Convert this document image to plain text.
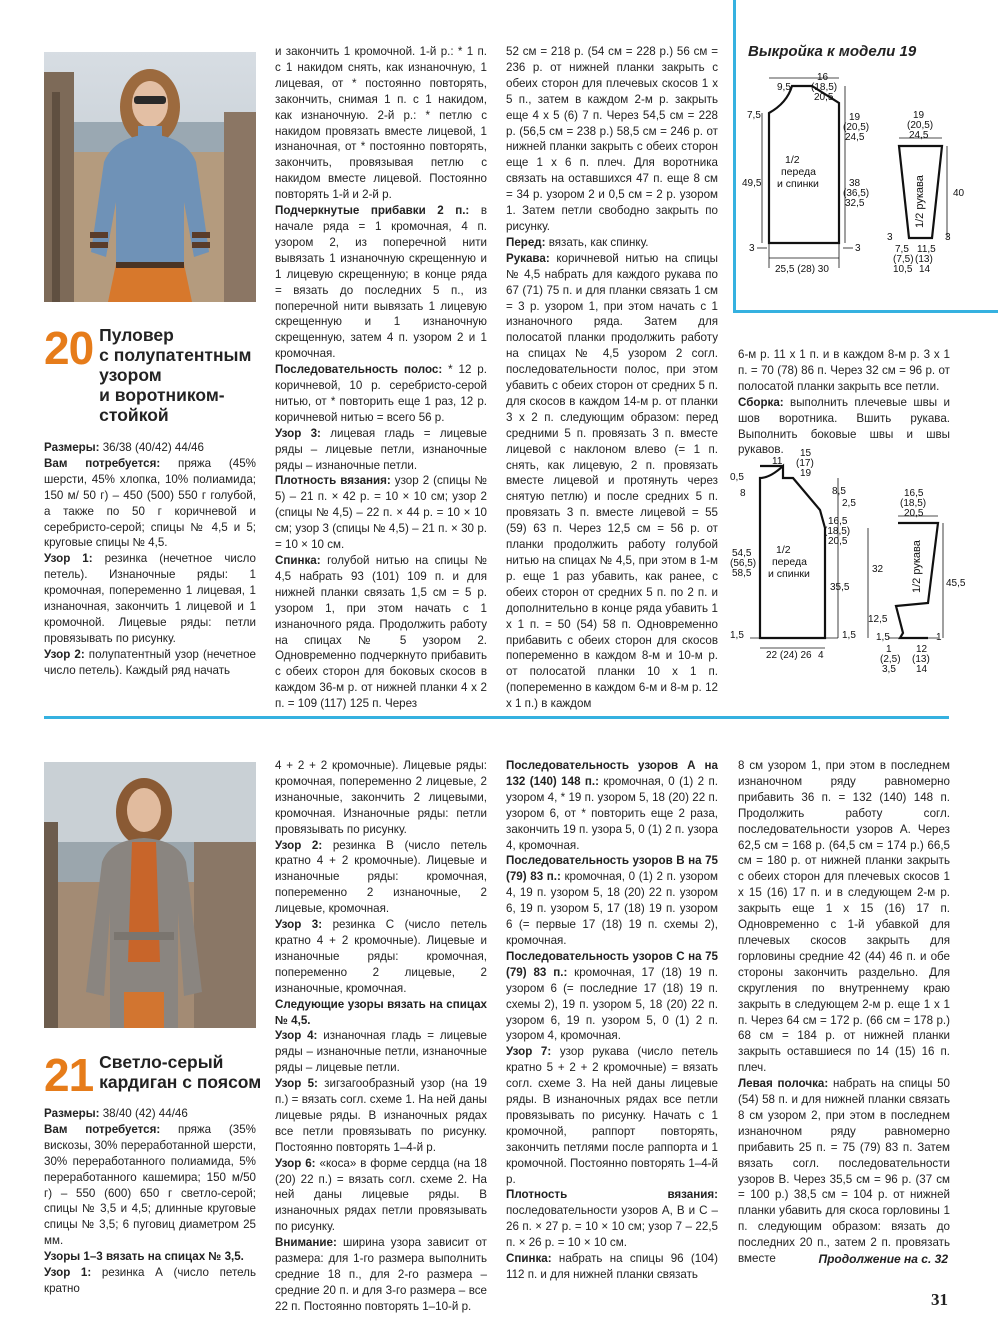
20 Пуловер
с полупатентным
узором
и воротником-
стойкой

Размеры: 36/38 (40/42) 44/46

Вам потребуется: пряжа (45% шерсти, 45% хлопка, 10% полиамида; 150 м/ 50 г) – 450 (500) 550 г голубой, а также по 50 г коричневой и серебристо-серой; спицы № 4,5 и 5; круговые спицы № 4,5.

Узор 1: резинка (нечетное число петель). Изнаночные ряды: 1 кромочная, попеременно 1 лицевая, 1 изнаночная, закончить 1 лицевой и 1 кромочной. Лицевые ряды: петли провязывать по рисунку.

Узор 2: полупатентный узор (нечетное число петель). Каждый ряд начать

и закончить 1 кромочной. 1-й р.: * 1 п. с 1 накидом снять, как изнаночную, 1 лицевая, от * постоянно повторять, закончить, снимая 1 п. с 1 накидом, как изнаночную. 2-й р.: * петлю с накидом провязать вместе лицевой, 1 изнаночная, от * постоянно повторять, закончить, провязывая петлю с накидом вместе лицевой. Постоянно повторять 1-й и 2-й р.

Подчеркнутые прибавки 2 п.: в начале ряда = 1 кромочная, 4 п. узором 2, из поперечной нити вывязать 1 изнаночную скрещенную и 1 лицевую скрещенную; в конце ряда = вязать до последних 5 п., из поперечной нити вывязать 1 лицевую скрещенную и 1 изнаночную скрещенную, затем 4 п. узором 2 и 1 кромочная.

Последовательность полос: * 12 р. коричневой, 10 р. серебристо-серой нитью, от * повторить еще 1 раз, 12 р. коричневой нитью = всего 56 р.

Узор 3: лицевая гладь = лицевые ряды – лицевые петли, изнаночные ряды – изнаночные петли.

Плотность вязания: узор 2 (спицы № 5) – 21 п. × 42 р. = 10 × 10 см; узор 2 (спицы № 4,5) – 22 п. × 44 р. = 10 × 10 см; узор 3 (спицы № 4,5) – 21 п. × 30 р. = 10 × 10 см.

Спинка: голубой нитью на спицы № 4,5 набрать 93 (101) 109 п. и для нижней планки связать 1,5 см = 5 р. узором 1, при этом начать с 1 изнаночного ряда. Продолжить работу на спицах № 5 узором 2. Одновременно подчеркнуто прибавить с обеих сторон для боковых скосов в каждом 36-м р. от нижней планки 4 х 2 п. = 109 (117) 125 п. Через

52 см = 218 р. (54 см = 228 р.) 56 см = 236 р. от нижней планки закрыть с обеих сторон для плечевых скосов 1 х 5 п., затем в каждом 2-м р. закрыть еще 4 х 5 (6) 7 п. Через 54,5 см = 228 р. (56,5 см = 238 р.) 58,5 см = 246 р. от нижней планки закрыть с обеих сторон еще 1 х 6 п. плеч. Для воротника связать на оставшихся 47 п. еще 8 см = 34 р. узором 2 и 0,5 см = 2 р. узором 1. Затем петли свободно закрыть по рисунку.

Перед: вязать, как спинку.

Рукава: коричневой нитью на спицы № 4,5 набрать для каждого рукава по 67 (71) 75 п. и для планки связать 1 см = 3 р. узором 1, при этом начать с 1 изнаночного ряда. Затем для полосатой планки продолжить работу на спицах № 4,5 узором 2 согл. последовательности полос, при этом убавить с обеих сторон от средних 5 п. для скосов в каждом 14-м р. от планки 3 х 2 п. следующим образом: перед средними 5 п. провязать 3 п. вместе лицевой с наклоном влево (= 1 п. снять, как лицевую, 2 п. провязать вместе лицевой и протянуть через снятую петлю) и после средних 5 п. провязать 3 п. вместе лицевой = 55 (59) 63 п. Через 12,5 см = 56 р. от планки продолжить работу голубой нитью на спицах № 4,5, при этом в 1-м р. еще 1 раз убавить, как ранее, с обеих сторон от средних 5 п. по 2 п. и дополнительно в конце ряда убавить 1 х 1 п. = 50 (54) 58 п. Одновременно прибавить с обеих сторон для скосов попеременно в каждом 8-м и 10-м р. от полосатой планки 10 х 1 п. (попеременно в каждом 6-м и 8-м р. 12 х 1 п.) в каждом

6-м р. 11 х 1 п. и в каждом 8-м р. 3 х 1 п. = 70 (78) 86 п. Через 32 см = 96 р. от полосатой планки закрыть все петли.

Сборка: выполнить плечевые швы и шов воротника. Вшить рукава. Выполнить боковые швы и швы рукавов.

Выкройка к модели 19
16
(18,5)
20,5
9,5
7,5
49,5
19
(20,5)
24,5
38
(36,5)
32,5
3	3
25,5 (28) 30
1/2
переда
и спинки
19
(20,5)
24,5
40
7,5
(7,5)
10,5
11,5
(13)
14
3	3
1/2 рукава
11
15
(17)
19
0,5
8	8,5
2,5
16,5
(18,5)
20,5
54,5
(56,5)
58,5
35,5
1,5	1,5
22 (24) 26 4
1/2
переда
и спинки
16,5
(18,5)
20,5
32
12,5
45,5
1,5	1
12
(13)
14
1
(2,5)
3,5
1/2 рукава
21 Светло-серый
кардиган с поясом

Размеры: 38/40 (42) 44/46

Вам потребуется: пряжа (35% вискозы, 30% переработанной шерсти, 30% переработанного полиамида, 5% переработанного кашемира; 150 м/50 г) – 550 (600) 650 г светло-серой; спицы № 3,5 и 4,5; длинные круговые спицы № 3,5; 6 пуговиц диаметром 25 мм.

Узоры 1–3 вязать на спицах № 3,5.

Узор 1: резинка А (число петель кратно

4 + 2 + 2 кромочные). Лицевые ряды: кромочная, попеременно 2 лицевые, 2 изнаночные, закончить 2 лицевыми, кромочная. Изнаночные ряды: петли провязывать по рисунку.

Узор 2: резинка В (число петель кратно 4 + 2 кромочные). Лицевые и изнаночные ряды: кромочная, попеременно 2 изнаночные, 2 лицевые, кромочная.

Узор 3: резинка С (число петель кратно 4 + 2 кромочные). Лицевые и изнаночные ряды: кромочная, попеременно 2 лицевые, 2 изнаночные, кромочная.

Следующие узоры вязать на спицах № 4,5.

Узор 4: изнаночная гладь = лицевые ряды – изнаночные петли, изнаночные ряды – лицевые петли.

Узор 5: зигзагообразный узор (на 19 п.) = вязать согл. схеме 1. На ней даны лицевые ряды. В изнаночных рядах все петли провязывать по рисунку. Постоянно повторять 1–4-й р.

Узор 6: «коса» в форме сердца (на 18 (20) 22 п.) = вязать согл. схеме 2. На ней даны лицевые ряды. В изнаночных рядах петли провязывать по рисунку.

Внимание: ширина узора зависит от размера: для 1-го размера выполнить средние 18 п., для 2-го размера – средние 20 п. и для 3-го размера – все 22 п. Постоянно повторять 1–10-й р.

Последовательность узоров А на 132 (140) 148 п.: кромочная, 0 (1) 2 п. узором 4, * 19 п. узором 5, 18 (20) 22 п. узором 6, от * повторить еще 2 раза, закончить 19 п. узора 5, 0 (1) 2 п. узора 4, кромочная.

Последовательность узоров В на 75 (79) 83 п.: кромочная, 0 (1) 2 п. узором 4, 19 п. узором 5, 18 (20) 22 п. узором 6, 19 п. узором 5, 17 (18) 19 п. узором 6 (= первые 17 (18) 19 п. схемы 2), кромочная.

Последовательность узоров С на 75 (79) 83 п.: кромочная, 17 (18) 19 п. узором 6 (= последние 17 (18) 19 п. схемы 2), 19 п. узором 5, 18 (20) 22 п. узором 6, 19 п. узором 5, 0 (1) 2 п. узором 4, кромочная.

Узор 7: узор рукава (число петель кратно 5 + 2 + 2 кромочные) = вязать согл. схеме 3. На ней даны лицевые ряды. В изнаночных рядах все петли провязывать по рисунку. Начать с 1 кромочной, раппорт повторять, закончить петлями после раппорта и 1 кромочной. Постоянно повторять 1–4-й р.

Плотность вязания: последовательности узоров А, В и С – 26 п. × 27 р. = 10 × 10 см; узор 7 – 22,5 п. × 26 р. = 10 × 10 см.

Спинка: набрать на спицы 96 (104) 112 п. и для нижней планки связать

8 см узором 1, при этом в последнем изнаночном ряду равномерно прибавить 36 п. = 132 (140) 148 п. Продолжить работу согл. последовательности узоров А. Через 62,5 см = 168 р. (64,5 см = 174 р.) 66,5 см = 180 р. от нижней планки закрыть с обеих сторон для плечевых скосов 1 х 15 (16) 17 п. и в следующем 2-м р. закрыть еще 1 х 15 (16) 17 п. Одновременно с 1-й убавкой для плечевых скосов закрыть для горловины средние 42 (44) 46 п. и обе стороны закончить раздельно. Для скругления по внутреннему краю закрыть в следующем 2-м р. еще 1 х 1 п. Через 64 см = 172 р. (66 см = 178 р.) 68 см = 184 р. от нижней планки закрыть оставшиеся по 14 (15) 16 п. плеч.

Левая полочка: набрать на спицы 50 (54) 58 п. и для нижней планки связать 8 см узором 2, при этом в последнем изнаночном ряду равномерно прибавить 25 п. = 75 (79) 83 п. Затем вязать согл. последовательности узоров В. Через 35,5 см = 96 р. (37 см = 100 р.) 38,5 см = 104 р. от нижней планки убавить для скоса горловины 1 п. следующим образом: вязать до последних 20 п., затем 2 п. провязать вместе	Продолжение на с. 32
31
